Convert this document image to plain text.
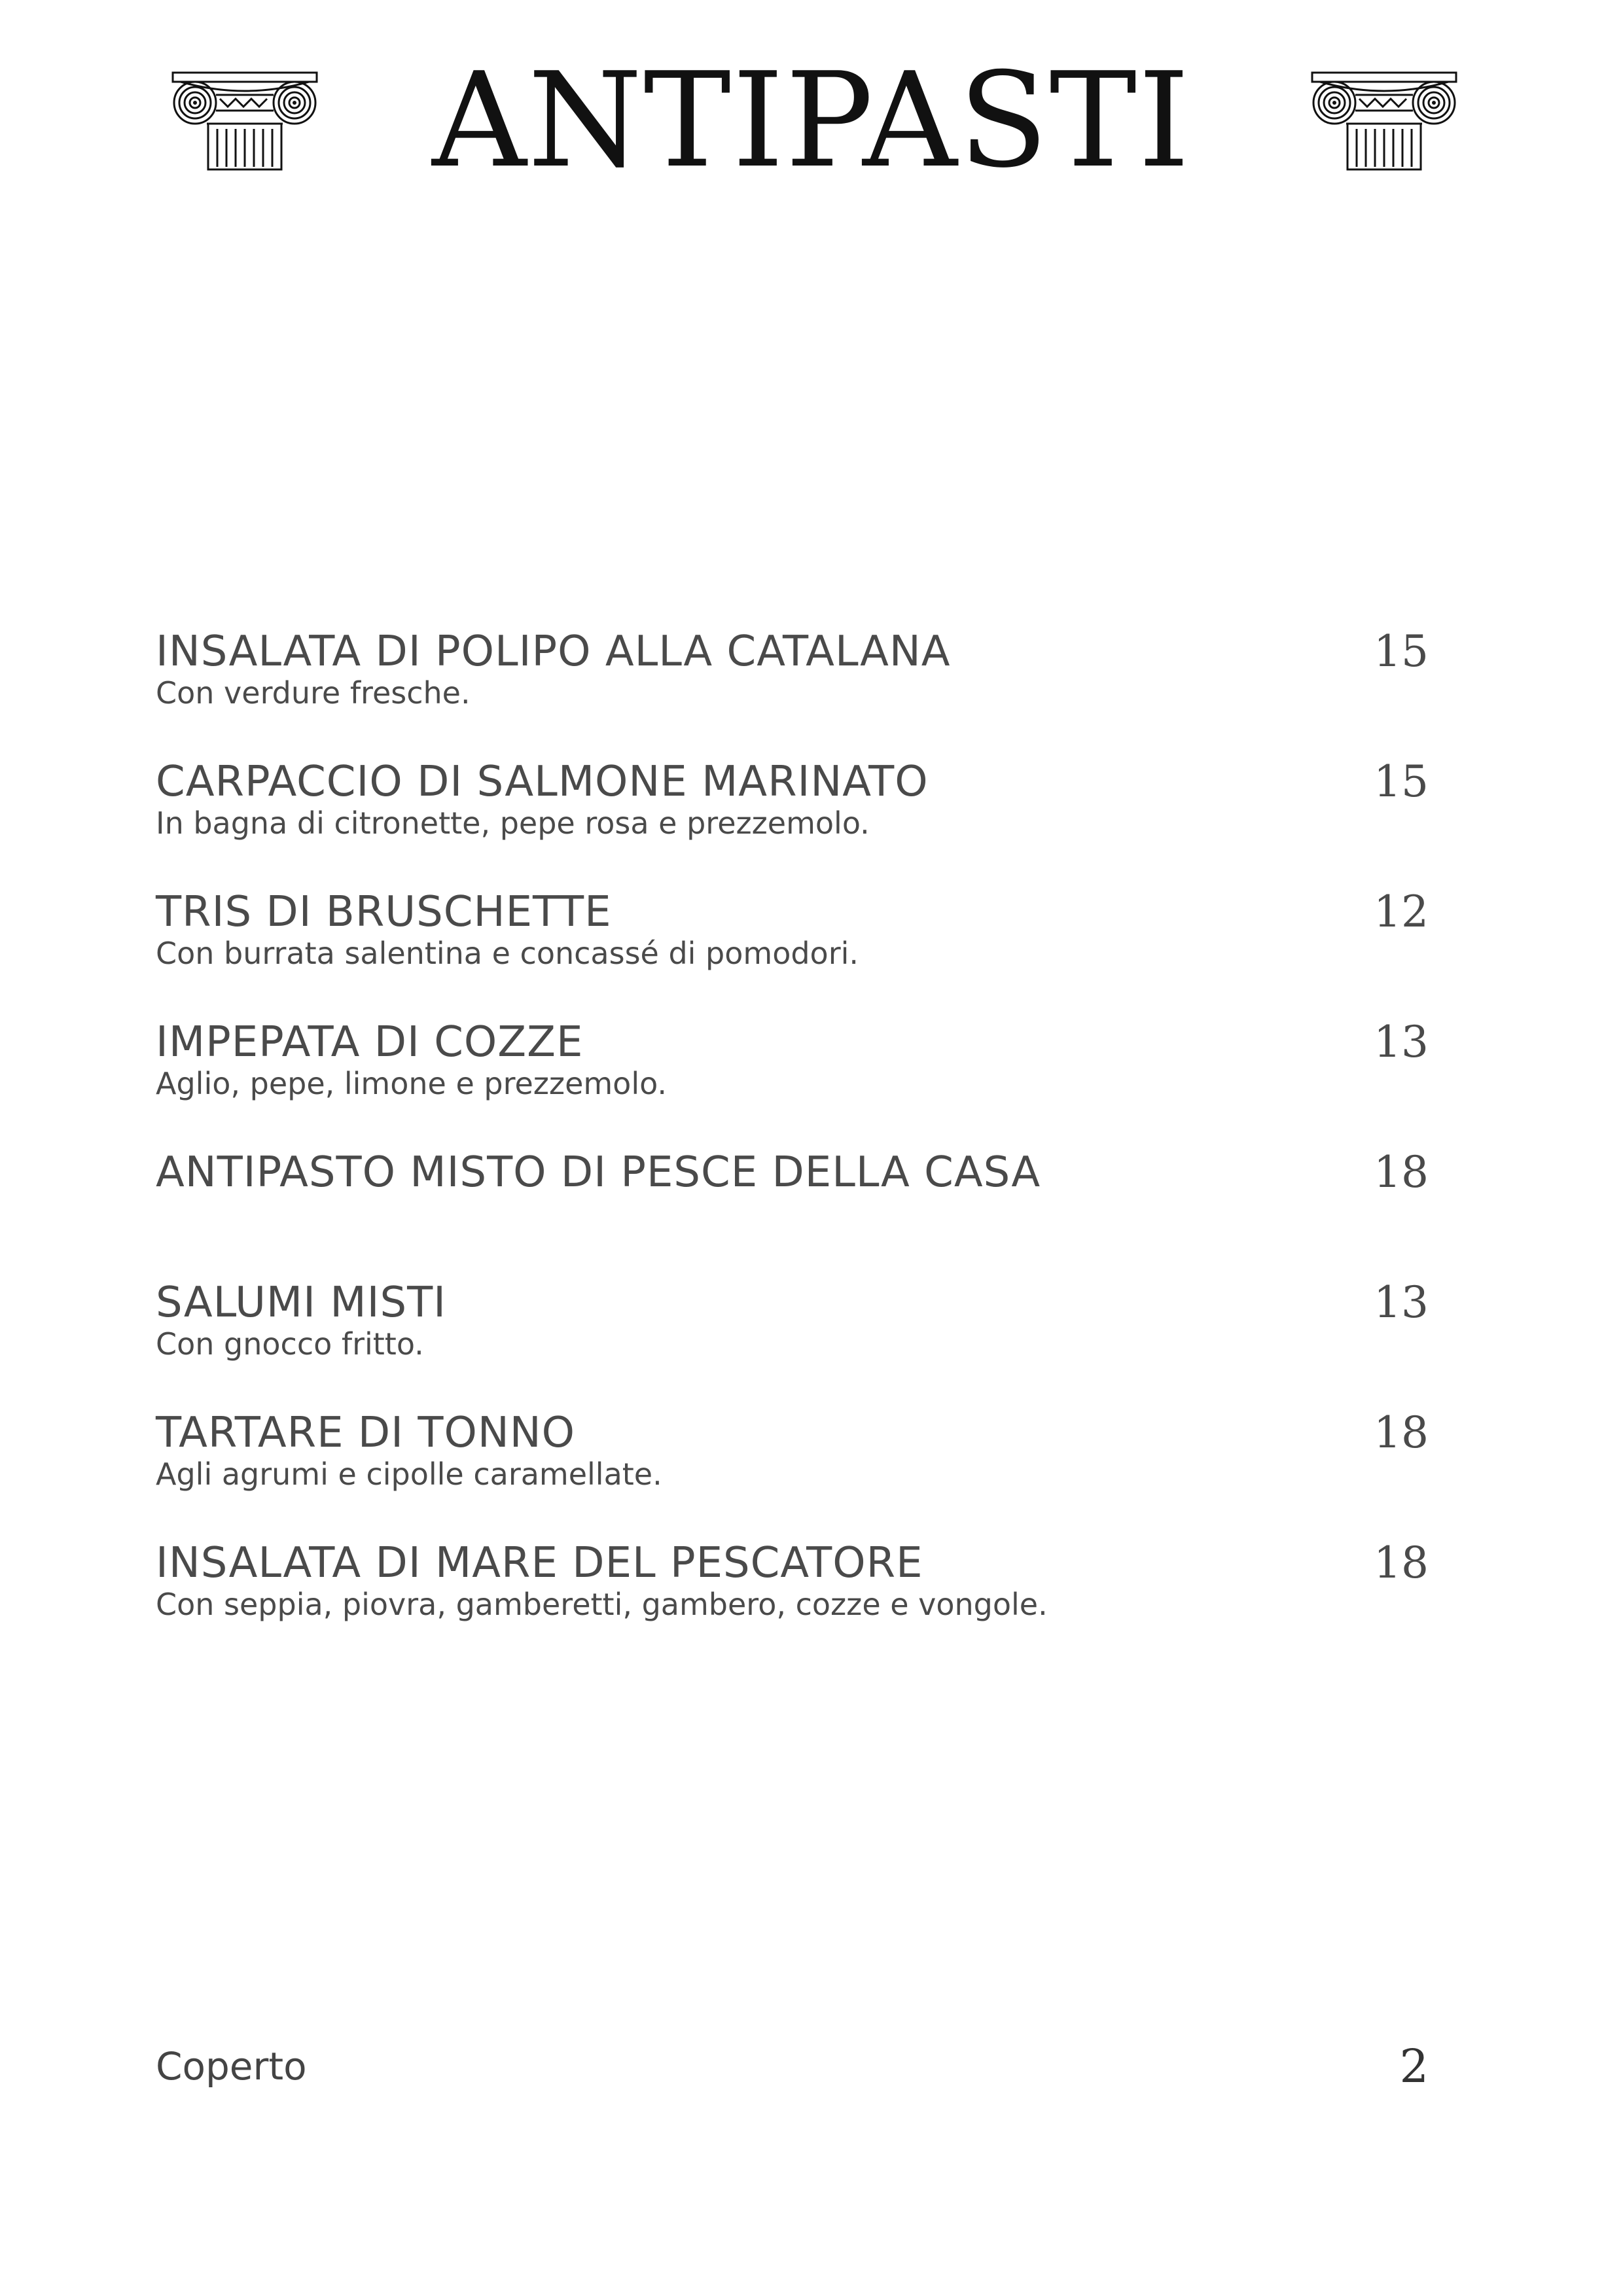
ANTIPASTI
INSALATA DI POLIPO ALLA CATALANA	15
Con verdure fresche.
CARPACCIO DI SALMONE MARINATO	15
In bagna di citronette, pepe rosa e prezzemolo.
TRIS DI BRUSCHETTE	12
Con burrata salentina e concassé di pomodori.
IMPEPATA DI COZZE	13
Aglio, pepe, limone e prezzemolo.
ANTIPASTO MISTO DI PESCE DELLA CASA	18
SALUMI MISTI	13
Con gnocco fritto.
TARTARE DI TONNO	18
Agli agrumi e cipolle caramellate.
INSALATA DI MARE DEL PESCATORE	18
Con seppia, piovra, gamberetti, gambero, cozze e vongole.
Coperto	2
